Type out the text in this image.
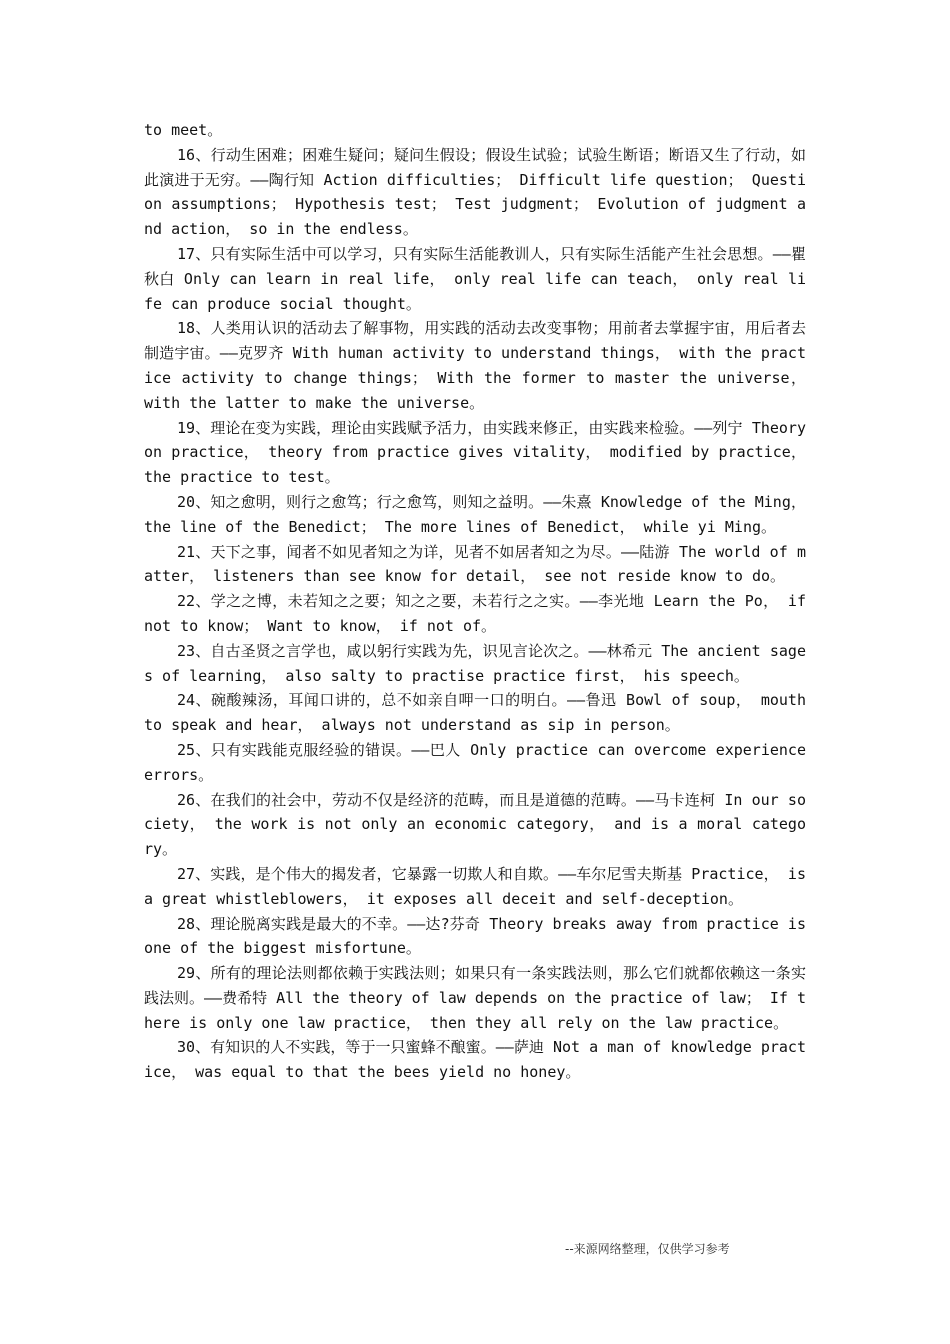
to meet。

16、行动生困难；困难生疑问；疑问生假设；假设生试验；试验生断语；断语又生了行动，如此演进于无穷。——陶行知 Action difficulties； Difficult life question； Question assumptions； Hypothesis test； Test judgment； Evolution of judgment and action， so in the endless。

17、只有实际生活中可以学习，只有实际生活能教训人，只有实际生活能产生社会思想。——瞿秋白 Only can learn in real life， only real life can teach， only real life can produce social thought。

18、人类用认识的活动去了解事物，用实践的活动去改变事物；用前者去掌握宇宙，用后者去制造宇宙。——克罗齐 With human activity to understand things， with the practice activity to change things； With the former to master the universe， with the latter to make the universe。

19、理论在变为实践，理论由实践赋予活力，由实践来修正，由实践来检验。——列宁 Theory on practice， theory from practice gives vitality， modified by practice， the practice to test。

20、知之愈明，则行之愈笃；行之愈笃，则知之益明。——朱熹 Knowledge of the Ming， the line of the Benedict； The more lines of Benedict， while yi Ming。

21、天下之事，闻者不如见者知之为详，见者不如居者知之为尽。——陆游 The world of matter， listeners than see know for detail， see not reside know to do。

22、学之之博，未若知之之要；知之之要，未若行之之实。——李光地 Learn the Po， if not to know； Want to know， if not of。

23、自古圣贤之言学也，咸以躬行实践为先，识见言论次之。——林希元 The ancient sages of learning， also salty to practise practice first， his speech。

24、碗酸辣汤，耳闻口讲的，总不如亲自呷一口的明白。——鲁迅 Bowl of soup， mouth to speak and hear， always not understand as sip in person。

25、只有实践能克服经验的错误。——巴人 Only practice can overcome experience errors。

26、在我们的社会中，劳动不仅是经济的范畴，而且是道德的范畴。——马卡连柯 In our society， the work is not only an economic category， and is a moral category。

27、实践，是个伟大的揭发者，它暴露一切欺人和自欺。——车尔尼雪夫斯基 Practice， is a great whistleblowers， it exposes all deceit and self-deception。

28、理论脱离实践是最大的不幸。——达?芬奇 Theory breaks away from practice is one of the biggest misfortune。

29、所有的理论法则都依赖于实践法则；如果只有一条实践法则，那么它们就都依赖这一条实践法则。——费希特 All the theory of law depends on the practice of law； If there is only one law practice， then they all rely on the law practice。

30、有知识的人不实践，等于一只蜜蜂不酿蜜。——萨迪 Not a man of knowledge practice， was equal to that the bees yield no honey。

--来源网络整理，仅供学习参考
